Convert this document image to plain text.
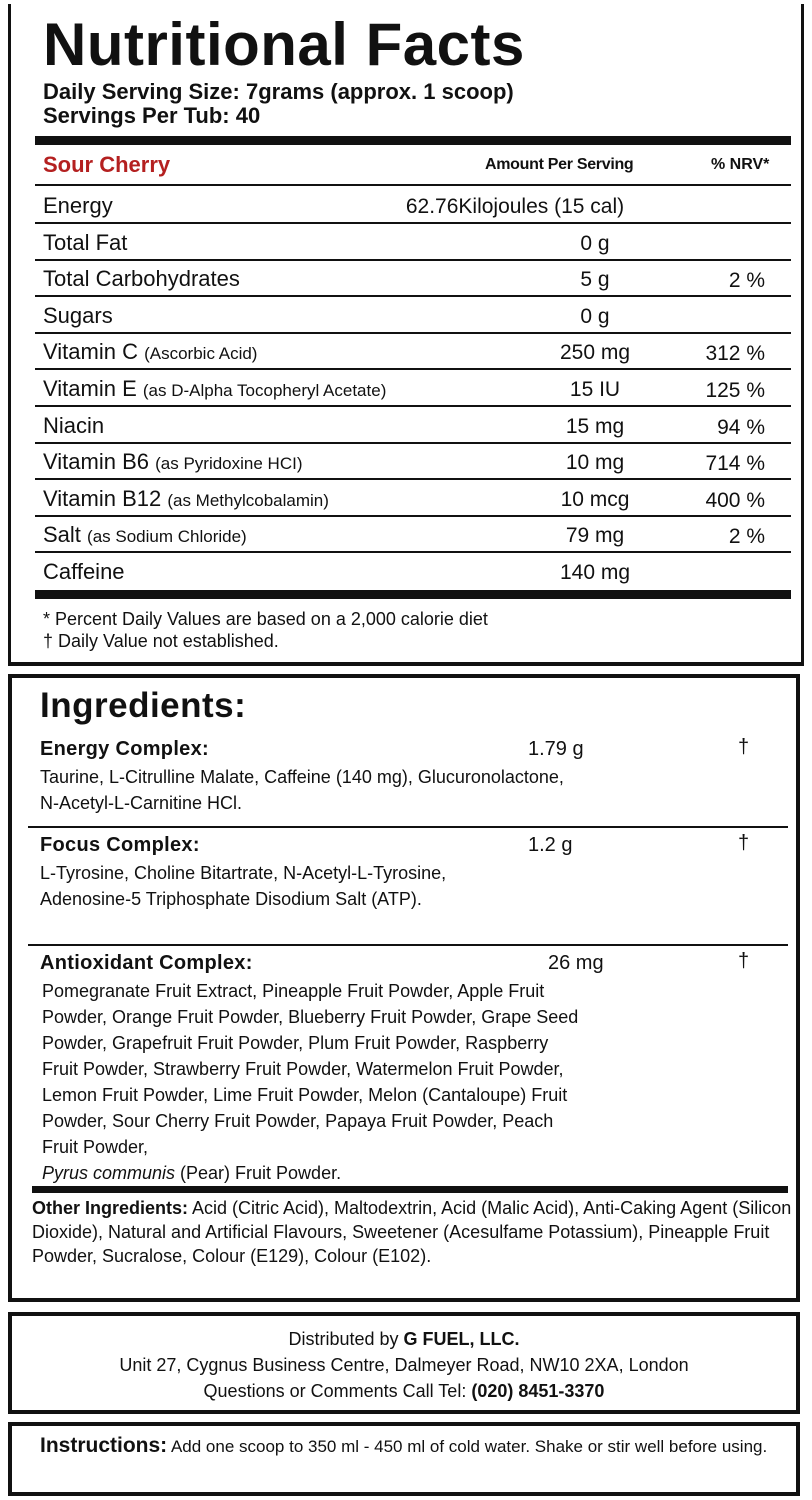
Nutritional Facts
Daily Serving Size: 7grams (approx. 1 scoop)
Servings Per Tub: 40
Sour Cherry	Amount Per Serving	% NRV*
Energy	62.76Kilojoules (15 cal)
Total Fat	0 g
Total Carbohydrates	5 g	2 %
Sugars	0 g
Vitamin C (Ascorbic Acid)	250 mg	312 %
Vitamin E (as D-Alpha Tocopheryl Acetate)	15 IU	125 %
Niacin	15 mg	94 %
Vitamin B6 (as Pyridoxine HCI)	10 mg	714 %
Vitamin B12 (as Methylcobalamin)	10 mcg	400 %
Salt (as Sodium Chloride)	79 mg	2 %
Caffeine	140 mg
* Percent Daily Values are based on a 2,000 calorie diet
† Daily Value not established.
Ingredients:
Energy Complex:	1.79 g	†
Taurine, L-Citrulline Malate, Caffeine (140 mg), Glucuronolactone, N-Acetyl-L-Carnitine HCl.
Focus Complex:	1.2 g	†
L-Tyrosine, Choline Bitartrate, N-Acetyl-L-Tyrosine, Adenosine-5 Triphosphate Disodium Salt (ATP).
Antioxidant Complex:	26 mg	†
Pomegranate Fruit Extract, Pineapple Fruit Powder, Apple Fruit Powder, Orange Fruit Powder, Blueberry Fruit Powder, Grape Seed Powder, Grapefruit Fruit Powder, Plum Fruit Powder, Raspberry Fruit Powder, Strawberry Fruit Powder, Watermelon Fruit Powder, Lemon Fruit Powder, Lime Fruit Powder, Melon (Cantaloupe) Fruit Powder, Sour Cherry Fruit Powder, Papaya Fruit Powder, Peach Fruit Powder,
Pyrus communis (Pear) Fruit Powder.
Other Ingredients: Acid (Citric Acid), Maltodextrin, Acid (Malic Acid), Anti-Caking Agent (Silicon Dioxide), Natural and Artificial Flavours, Sweetener (Acesulfame Potassium), Pineapple Fruit Powder, Sucralose, Colour (E129), Colour (E102).
Distributed by G FUEL, LLC.
Unit 27, Cygnus Business Centre, Dalmeyer Road, NW10 2XA, London
Questions or Comments Call Tel: (020) 8451-3370
Instructions: Add one scoop to 350 ml - 450 ml of cold water. Shake or stir well before using.
